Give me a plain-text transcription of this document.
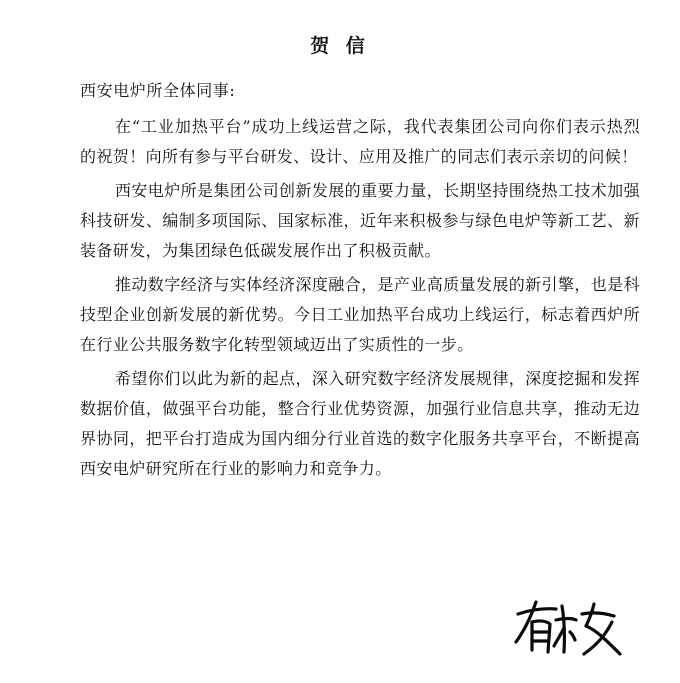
贺 信
西安电炉所全体同事:

在“工业加热平台”成功上线运营之际，我代表集团公司向你们表示热烈的祝贺！向所有参与平台研发、设计、应用及推广的同志们表示亲切的问候！

西安电炉所是集团公司创新发展的重要力量，长期坚持围绕热工技术加强科技研发、编制多项国际、国家标准，近年来积极参与绿色电炉等新工艺、新装备研发，为集团绿色低碳发展作出了积极贡献。

推动数字经济与实体经济深度融合，是产业高质量发展的新引擎，也是科技型企业创新发展的新优势。今日工业加热平台成功上线运行，标志着西炉所在行业公共服务数字化转型领域迈出了实质性的一步。

希望你们以此为新的起点，深入研究数字经济发展规律，深度挖掘和发挥数据价值，做强平台功能，整合行业优势资源，加强行业信息共享，推动无边界协同，把平台打造成为国内细分行业首选的数字化服务共享平台，不断提高西安电炉研究所在行业的影响力和竞争力。
